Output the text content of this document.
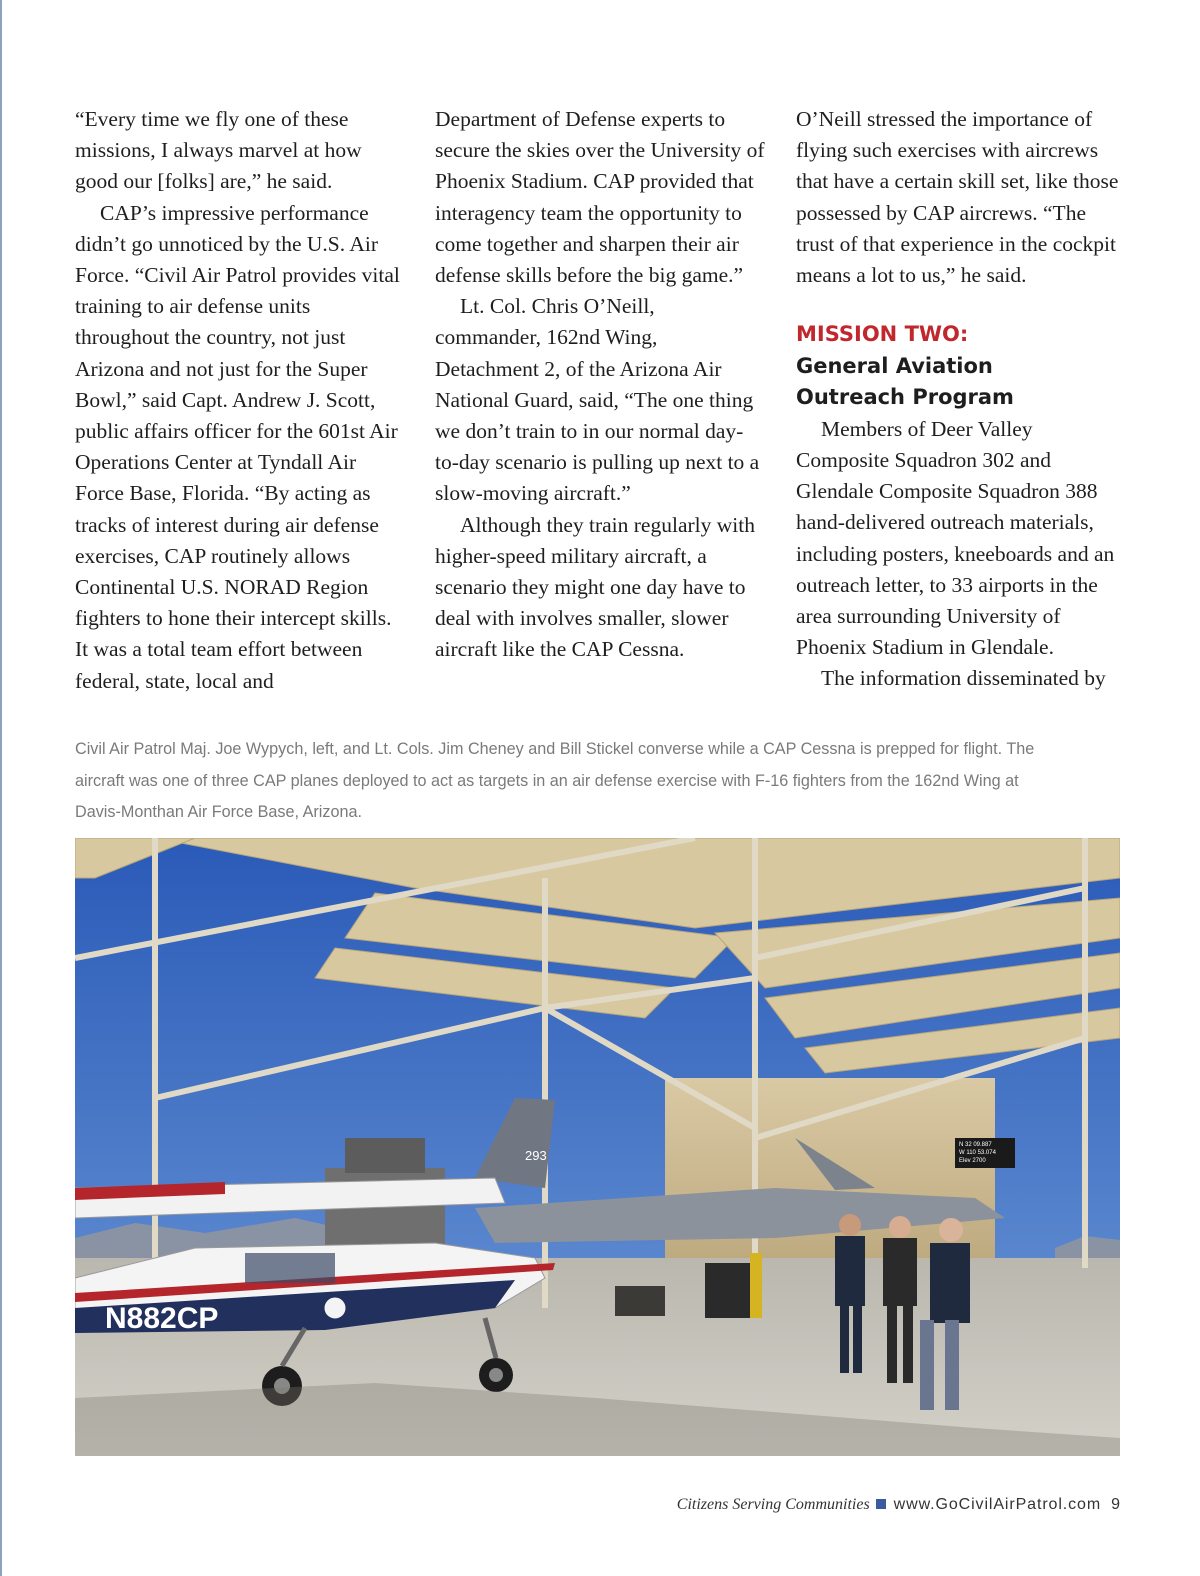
“Every time we fly one of these missions, I always marvel at how good our [folks] are,” he said.

CAP’s impressive performance didn’t go unnoticed by the U.S. Air Force. “Civil Air Patrol provides vital training to air defense units throughout the country, not just Arizona and not just for the Super Bowl,” said Capt. Andrew J. Scott, public affairs officer for the 601st Air Operations Center at Tyndall Air Force Base, Florida. “By acting as tracks of interest during air defense exercises, CAP routinely allows Continental U.S. NORAD Region fighters to hone their intercept skills. It was a total team effort between federal, state, local and

Department of Defense experts to secure the skies over the University of Phoenix Stadium. CAP provided that interagency team the opportunity to come together and sharpen their air defense skills before the big game.”

Lt. Col. Chris O’Neill, commander, 162nd Wing, Detachment 2, of the Arizona Air National Guard, said, “The one thing we don’t train to in our normal day-to-day scenario is pulling up next to a slow-moving aircraft.”

Although they train regularly with higher-speed military aircraft, a scenario they might one day have to deal with involves smaller, slower aircraft like the CAP Cessna.

O’Neill stressed the importance of flying such exercises with aircrews that have a certain skill set, like those possessed by CAP aircrews. “The trust of that experience in the cockpit means a lot to us,” he said.

MISSION TWO:
General Aviation
Outreach Program

Members of Deer Valley Composite Squadron 302 and Glendale Composite Squadron 388 hand-delivered outreach materials, including posters, kneeboards and an outreach letter, to 33 airports in the area surrounding University of Phoenix Stadium in Glendale.

The information disseminated by

Civil Air Patrol Maj. Joe Wypych, left, and Lt. Cols. Jim Cheney and Bill Stickel converse while a CAP Cessna is prepped for flight. The aircraft was one of three CAP planes deployed to act as targets in an air defense exercise with F-16 fighters from the 162nd Wing at Davis-Monthan Air Force Base, Arizona.

293
N 32 09.887
W 110 53.074
Elev 2700
N882CP
Citizens Serving Communities www.GoCivilAirPatrol.com 9
